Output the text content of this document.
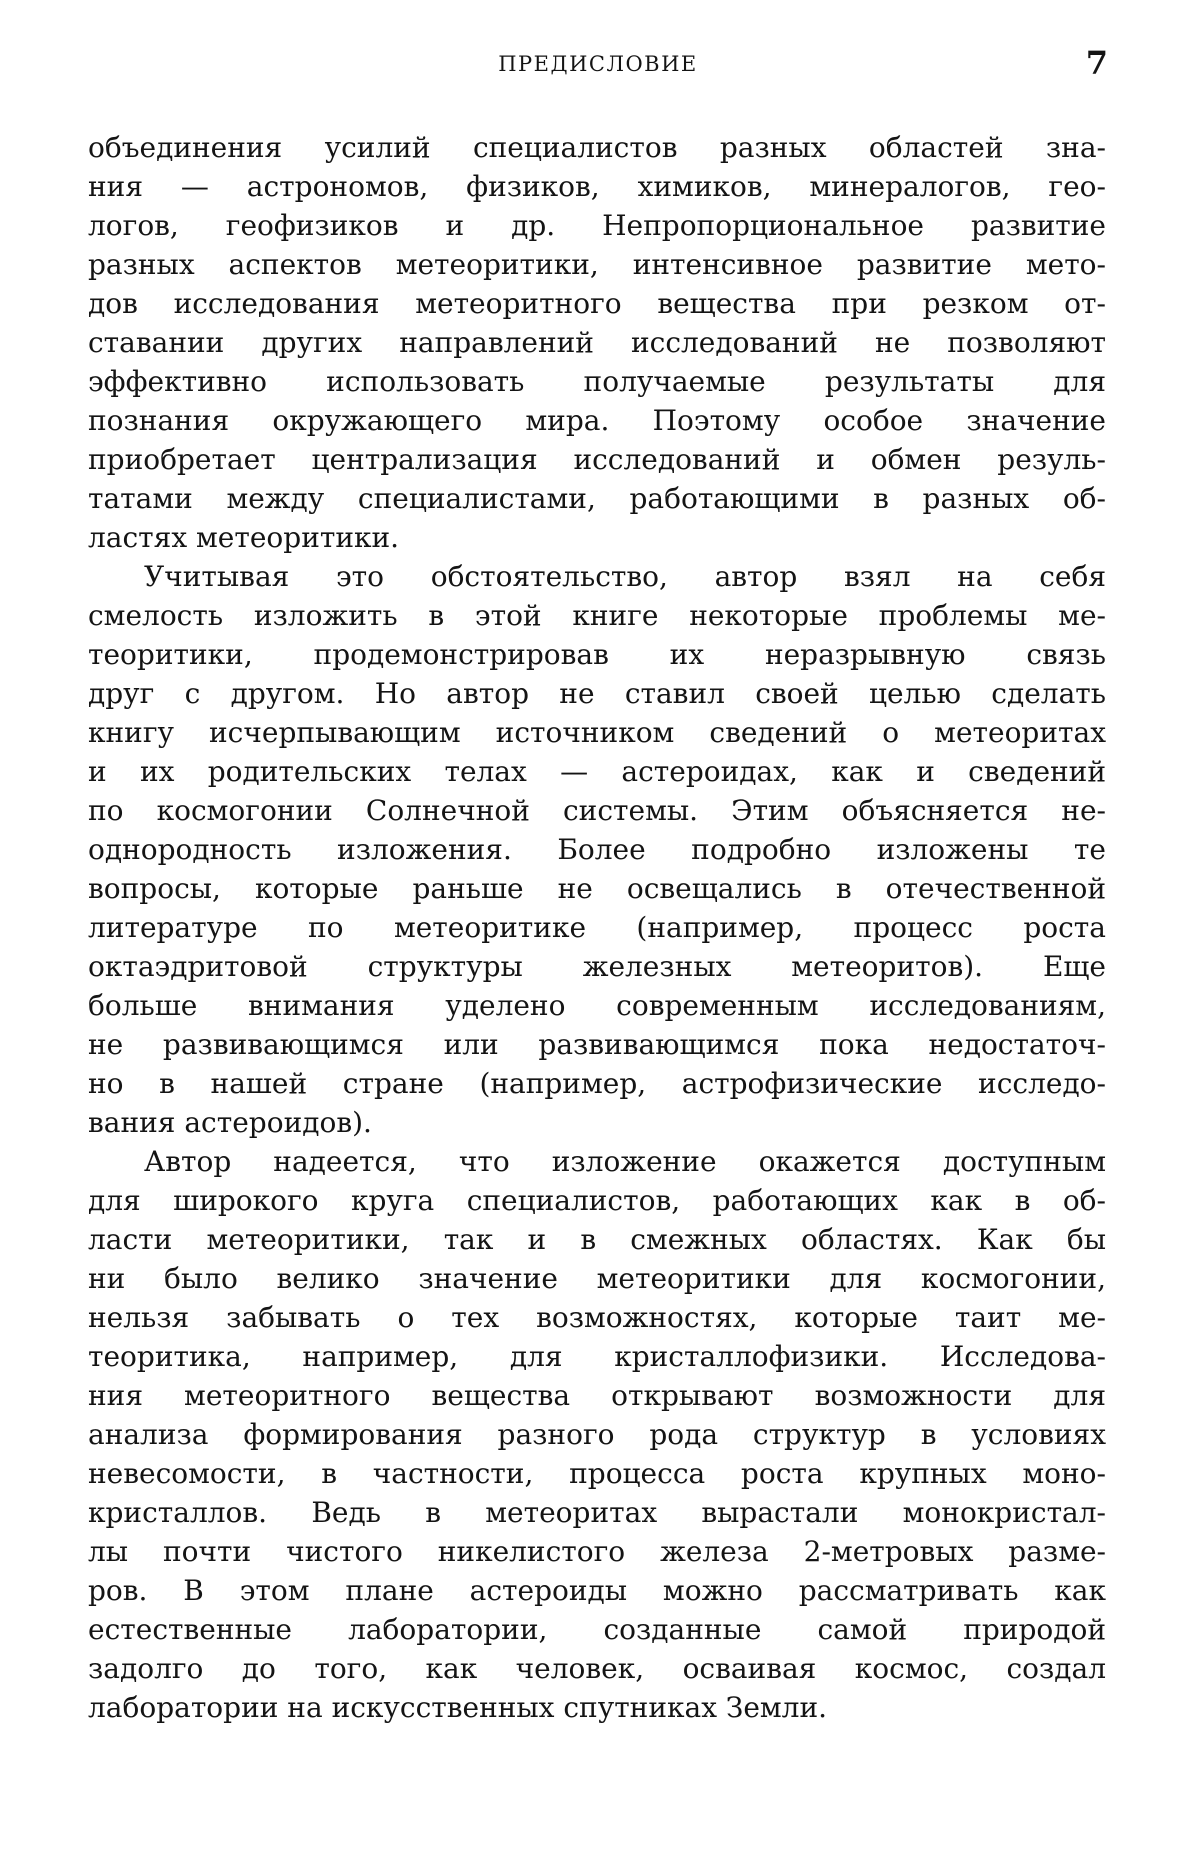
ПРЕДИСЛОВИЕ	7
объединения усилий специалистов разных областей зна-
ния — астрономов, физиков, химиков, минералогов, гео-
логов, геофизиков и др. Непропорциональное развитие
разных аспектов метеоритики, интенсивное развитие мето-
дов исследования метеоритного вещества при резком от-
ставании других направлений исследований не позволяют
эффективно использовать получаемые результаты для
познания окружающего мира. Поэтому особое значение
приобретает централизация исследований и обмен резуль-
татами между специалистами, работающими в разных об-
ластях метеоритики.
Учитывая это обстоятельство, автор взял на себя
смелость изложить в этой книге некоторые проблемы ме-
теоритики, продемонстрировав их неразрывную связь
друг с другом. Но автор не ставил своей целью сделать
книгу исчерпывающим источником сведений о метеоритах
и их родительских телах — астероидах, как и сведений
по космогонии Солнечной системы. Этим объясняется не-
однородность изложения. Более подробно изложены те
вопросы, которые раньше не освещались в отечественной
литературе по метеоритике (например, процесс роста
октаэдритовой структуры железных метеоритов). Еще
больше внимания уделено современным исследованиям,
не развивающимся или развивающимся пока недостаточ-
но в нашей стране (например, астрофизические исследо-
вания астероидов).
Автор надеется, что изложение окажется доступным
для широкого круга специалистов, работающих как в об-
ласти метеоритики, так и в смежных областях. Как бы
ни было велико значение метеоритики для космогонии,
нельзя забывать о тех возможностях, которые таит ме-
теоритика, например, для кристаллофизики. Исследова-
ния метеоритного вещества открывают возможности для
анализа формирования разного рода структур в условиях
невесомости, в частности, процесса роста крупных моно-
кристаллов. Ведь в метеоритах вырастали монокристал-
лы почти чистого никелистого железа 2-метровых разме-
ров. В этом плане астероиды можно рассматривать как
естественные лаборатории, созданные самой природой
задолго до того, как человек, осваивая космос, создал
лаборатории на искусственных спутниках Земли.
